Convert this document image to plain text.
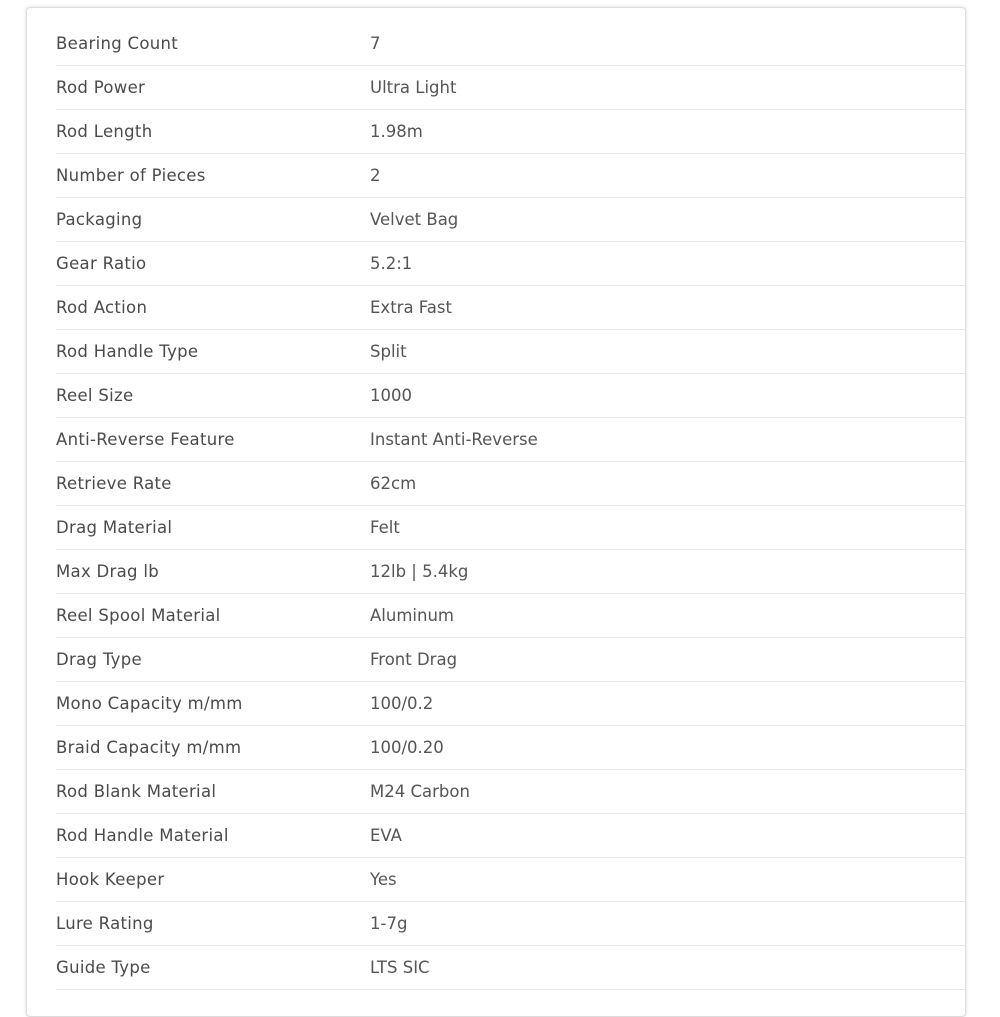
Bearing Count	7
Rod Power	Ultra Light
Rod Length	1.98m
Number of Pieces	2
Packaging	Velvet Bag
Gear Ratio	5.2:1
Rod Action	Extra Fast
Rod Handle Type	Split
Reel Size	1000
Anti-Reverse Feature	Instant Anti-Reverse
Retrieve Rate	62cm
Drag Material	Felt
Max Drag lb	12lb | 5.4kg
Reel Spool Material	Aluminum
Drag Type	Front Drag
Mono Capacity m/mm	100/0.2
Braid Capacity m/mm	100/0.20
Rod Blank Material	M24 Carbon
Rod Handle Material	EVA
Hook Keeper	Yes
Lure Rating	1-7g
Guide Type	LTS SIC
